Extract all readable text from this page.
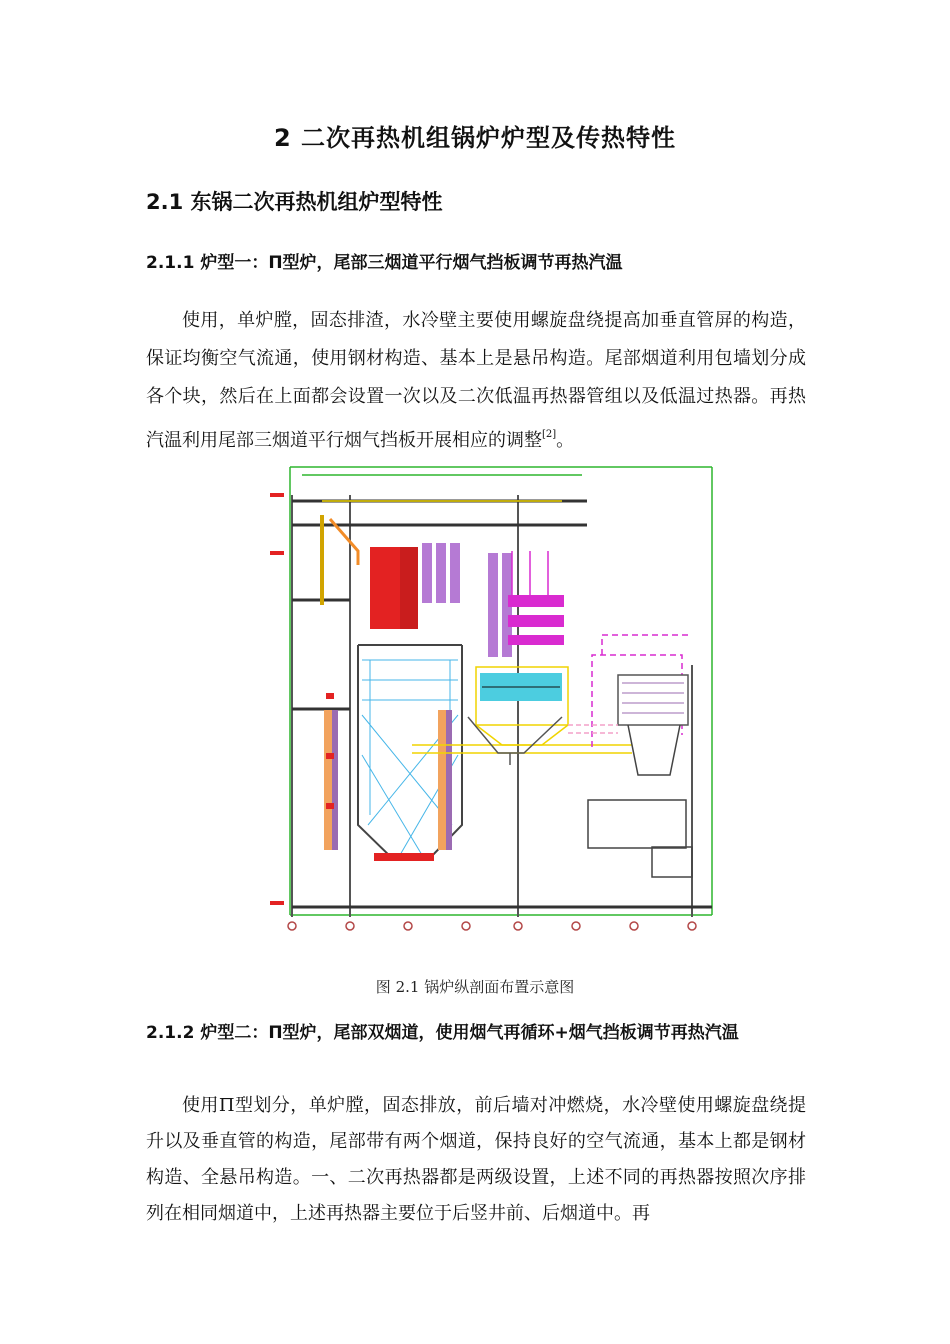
2 二次再热机组锅炉炉型及传热特性
2.1 东锅二次再热机组炉型特性
2.1.1 炉型一：Π型炉，尾部三烟道平行烟气挡板调节再热汽温
使用，单炉膛，固态排渣，水冷壁主要使用螺旋盘绕提高加垂直管屏的构造，保证均衡空气流通，使用钢材构造、基本上是悬吊构造。尾部烟道利用包墙划分成各个块，然后在上面都会设置一次以及二次低温再热器管组以及低温过热器。再热汽温利用尾部三烟道平行烟气挡板开展相应的调整[2]。
图 2.1 锅炉纵剖面布置示意图
2.1.2 炉型二：Π型炉，尾部双烟道，使用烟气再循环+烟气挡板调节再热汽温
使用Π型划分，单炉膛，固态排放，前后墙对冲燃烧，水冷壁使用螺旋盘绕提升以及垂直管的构造，尾部带有两个烟道，保持良好的空气流通，基本上都是钢材构造、全悬吊构造。一、二次再热器都是两级设置，上述不同的再热器按照次序排列在相同烟道中，上述再热器主要位于后竖井前、后烟道中。再
